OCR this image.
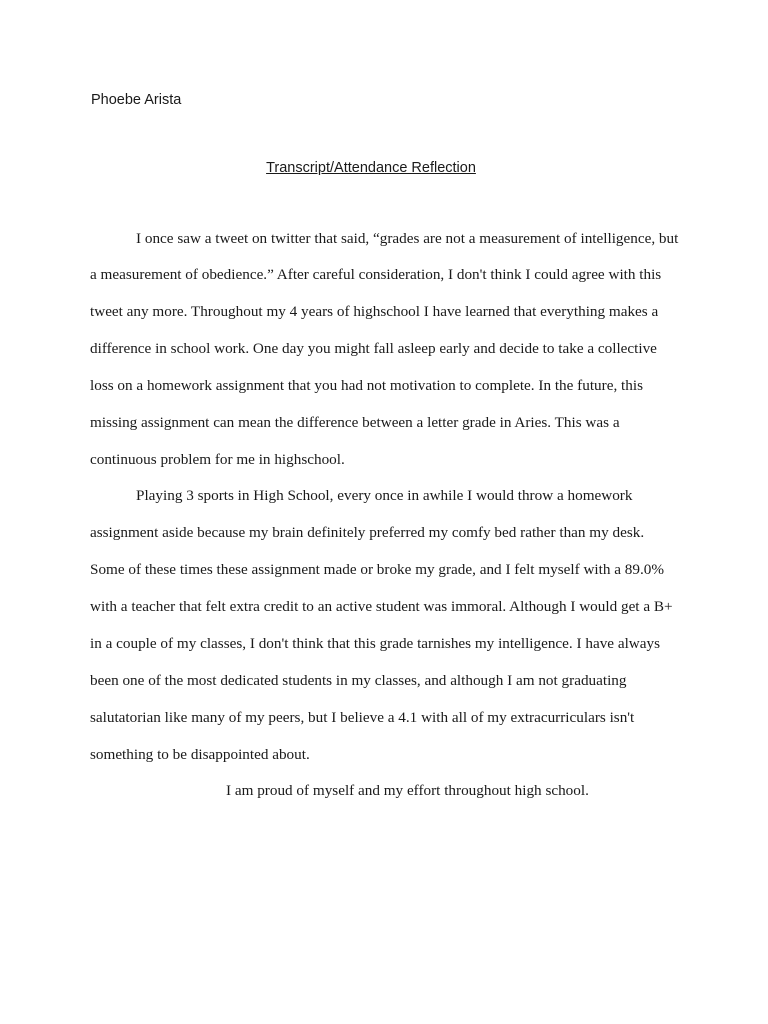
Phoebe Arista
Transcript/Attendance Reflection
I once saw a tweet on twitter that said, “grades are not a measurement of intelligence, but
a measurement of obedience.” After careful consideration, I don't think I could agree with this
tweet any more. Throughout my 4 years of highschool I have learned that everything makes a
difference in school work. One day you might fall asleep early and decide to take a collective
loss on a homework assignment that you had not motivation to complete. In the future, this
missing assignment can mean the difference between a letter grade in Aries. This was a
continuous problem for me in highschool.
Playing 3 sports in High School, every once in awhile I would throw a homework
assignment aside because my brain definitely preferred my comfy bed rather than my desk.
Some of these times these assignment made or broke my grade, and I felt myself with a 89.0%
with a teacher that felt extra credit to an active student was immoral. Although I would get a B+
in a couple of my classes, I don't think that this grade tarnishes my intelligence. I have always
been one of the most dedicated students in my classes, and although I am not graduating
salutatorian like many of my peers, but I believe a 4.1 with all of my extracurriculars isn't
something to be disappointed about.
I am proud of myself and my effort throughout high school.
